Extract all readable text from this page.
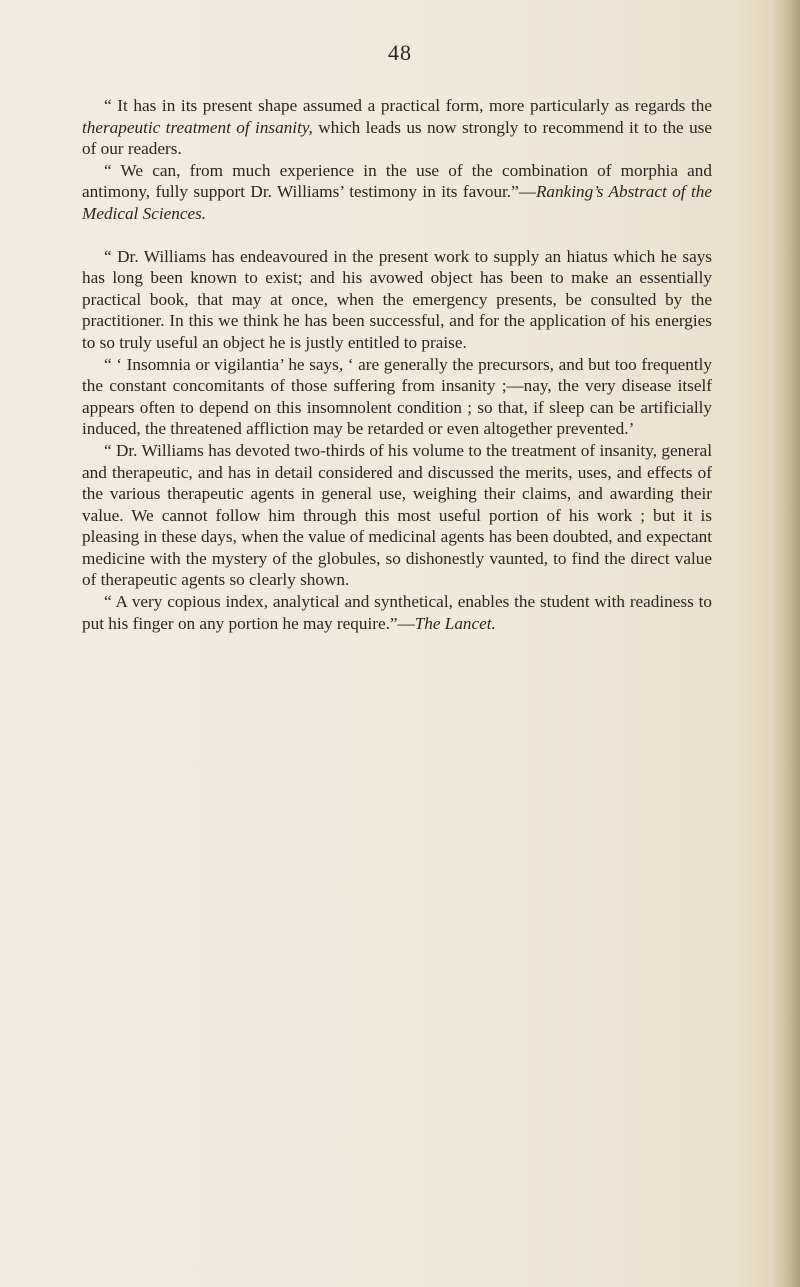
48

“ It has in its present shape assumed a practical form, more particularly as regards the therapeutic treatment of insanity, which leads us now strongly to recommend it to the use of our readers.

“ We can, from much experience in the use of the combination of morphia and antimony, fully support Dr. Williams’ testimony in its favour.”—Ranking’s Abstract of the Medical Sciences.

“ Dr. Williams has endeavoured in the present work to supply an hiatus which he says has long been known to exist; and his avowed object has been to make an essentially practical book, that may at once, when the emergency presents, be consulted by the practitioner. In this we think he has been successful, and for the application of his energies to so truly useful an object he is justly entitled to praise.

“ ‘ Insomnia or vigilantia’ he says, ‘ are generally the precursors, and but too frequently the constant concomitants of those suffering from insanity ;—nay, the very disease itself appears often to depend on this insomnolent condition ; so that, if sleep can be artificially induced, the threatened affliction may be retarded or even altogether prevented.’

“ Dr. Williams has devoted two-thirds of his volume to the treatment of insanity, general and therapeutic, and has in detail considered and discussed the merits, uses, and effects of the various therapeutic agents in general use, weighing their claims, and awarding their value. We cannot follow him through this most useful portion of his work ; but it is pleasing in these days, when the value of medicinal agents has been doubted, and expectant medicine with the mystery of the globules, so dishonestly vaunted, to find the direct value of therapeutic agents so clearly shown.

“ A very copious index, analytical and synthetical, enables the student with readiness to put his finger on any portion he may require.”—The Lancet.
